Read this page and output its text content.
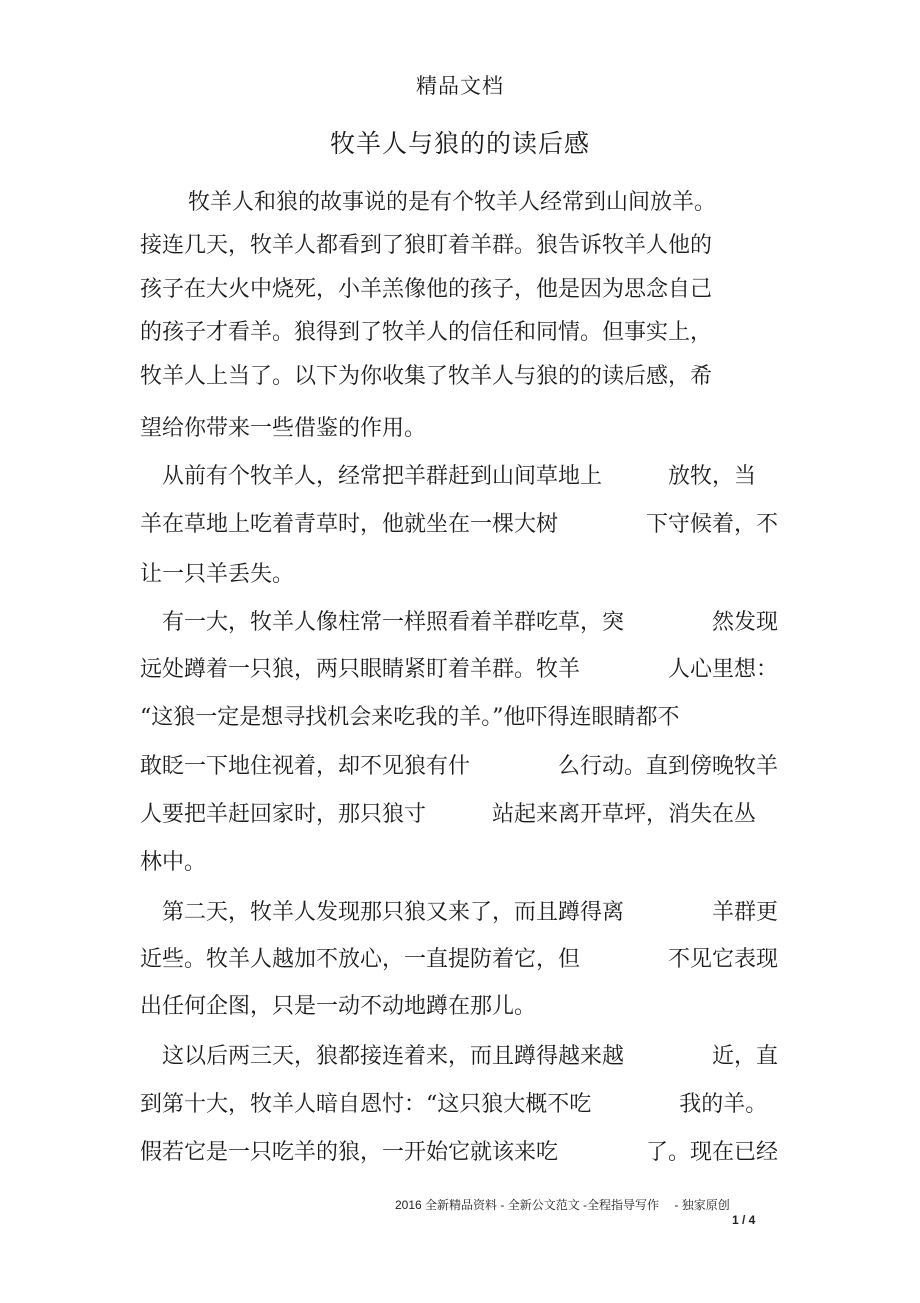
精品文档
牧羊人与狼的的读后感
牧羊人和狼的故事说的是有个牧羊人经常到山间放羊。
接连几天，牧羊人都看到了狼盯着羊群。狼告诉牧羊人他的
孩子在大火中烧死，小羊羔像他的孩子，他是因为思念自己
的孩子才看羊。狼得到了牧羊人的信任和同情。但事实上，
牧羊人上当了。以下为你收集了牧羊人与狼的的读后感，希
望给你带来一些借鉴的作用。
从前有个牧羊人，经常把羊群赶到山间草地上　　　放牧，当
羊在草地上吃着青草时，他就坐在一棵大树　　　　下守候着，不
让一只羊丢失。
有一大，牧羊人像柱常一样照看着羊群吃草，突　　　　然发现
远处蹲着一只狼，两只眼睛紧盯着羊群。牧羊　　　　人心里想：
“这狼一定是想寻找机会来吃我的羊。”他吓得连眼睛都不
敢眨一下地住视着，却不见狼有什　　　　么行动。直到傍晚牧羊
人要把羊赶回家时，那只狼寸　　　站起来离开草坪，消失在丛
林中。
第二天，牧羊人发现那只狼又来了，而且蹲得离　　　　羊群更
近些。牧羊人越加不放心，一直提防着它，但　　　　不见它表现
出任何企图，只是一动不动地蹲在那儿。
这以后两三天，狼都接连着来，而且蹲得越来越　　　　近，直
到第十大，牧羊人暗自恩忖：“这只狼大概不吃　　　　我的羊。
假若它是一只吃羊的狼，一开始它就该来吃　　　　了。现在已经
2016 全新精品资料 - 全新公文范文 -全程指导写作　 - 独家原创
1 / 4
